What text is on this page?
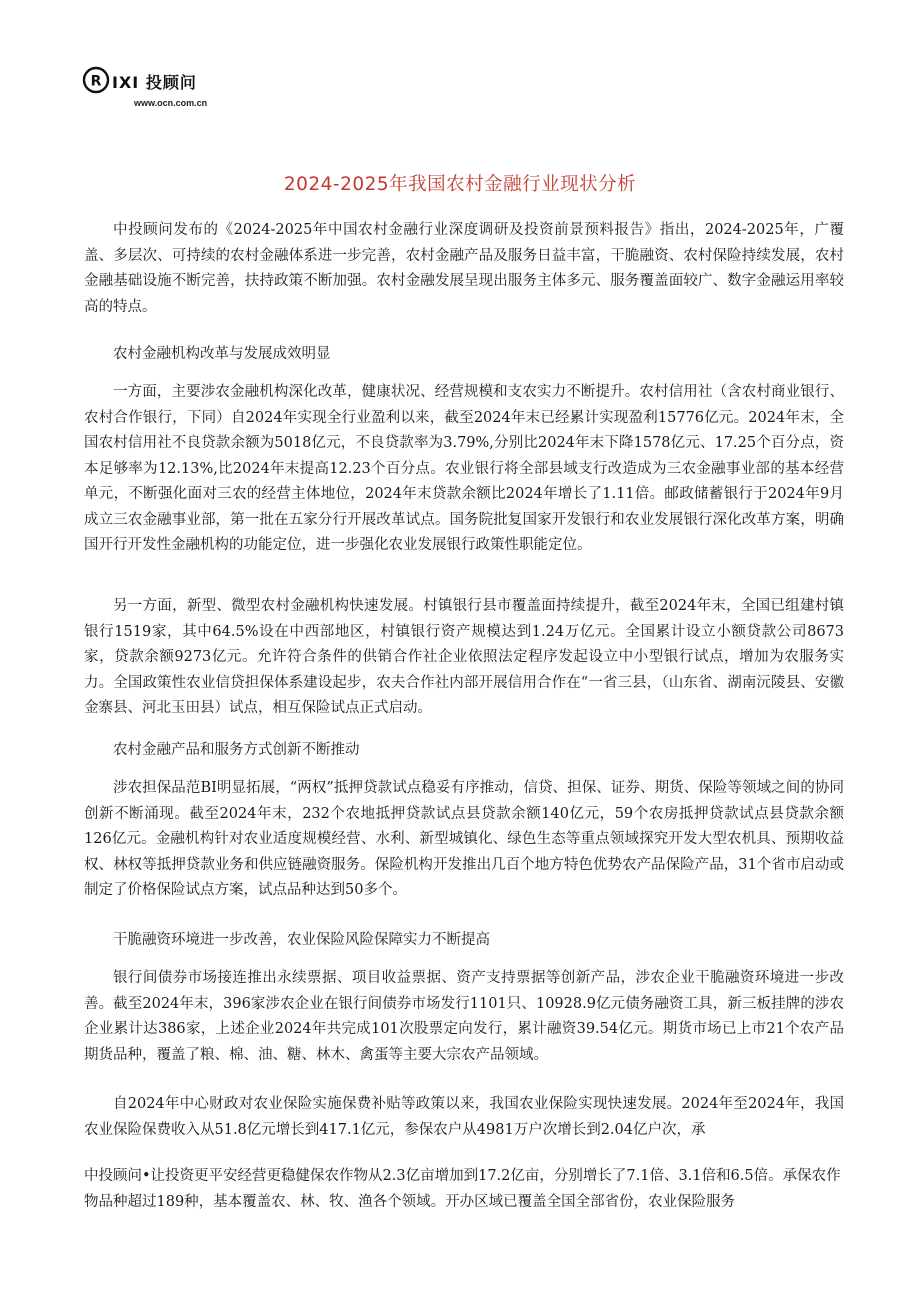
R IXI 投顾问
www.ocn.com.cn
2024-2025年我国农村金融行业现状分析

中投顾问发布的《2024-2025年中国农村金融行业深度调研及投资前景预料报告》指出，2024-2025年，广覆盖、多层次、可持续的农村金融体系进一步完善，农村金融产品及服务日益丰富，干脆融资、农村保险持续发展，农村金融基础设施不断完善，扶持政策不断加强。农村金融发展呈现出服务主体多元、服务覆盖面较广、数字金融运用率较高的特点。

农村金融机构改革与发展成效明显

一方面，主要涉农金融机构深化改革，健康状况、经营规模和支农实力不断提升。农村信用社（含农村商业银行、农村合作银行，下同）自2024年实现全行业盈利以来，截至2024年末已经累计实现盈利15776亿元。2024年末，全国农村信用社不良贷款余额为5018亿元，不良贷款率为3.79%,分别比2024年末下降1578亿元、17.25个百分点，资本足够率为12.13%,比2024年末提高12.23个百分点。农业银行将全部县域支行改造成为三农金融事业部的基本经营单元，不断强化面对三农的经营主体地位，2024年末贷款余额比2024年增长了1.11倍。邮政储蓄银行于2024年9月成立三农金融事业部，第一批在五家分行开展改革试点。国务院批复国家开发银行和农业发展银行深化改革方案，明确国开行开发性金融机构的功能定位，进一步强化农业发展银行政策性职能定位。

另一方面，新型、微型农村金融机构快速发展。村镇银行县市覆盖面持续提升，截至2024年末，全国已组建村镇银行1519家，其中64.5%设在中西部地区，村镇银行资产规模达到1.24万亿元。全国累计设立小额贷款公司8673家，贷款余额9273亿元。允许符合条件的供销合作社企业依照法定程序发起设立中小型银行试点，增加为农服务实力。全国政策性农业信贷担保体系建设起步，农夫合作社内部开展信用合作在“一省三县，（山东省、湖南沅陵县、安徽金寨县、河北玉田县）试点，相互保险试点正式启动。

农村金融产品和服务方式创新不断推动

涉农担保品范BI明显拓展，“两权”抵押贷款试点稳妥有序推动，信贷、担保、证券、期货、保险等领域之间的协同创新不断涌现。截至2024年末，232个农地抵押贷款试点县贷款余额140亿元，59个农房抵押贷款试点县贷款余额126亿元。金融机构针对农业适度规模经营、水利、新型城镇化、绿色生态等重点领域探究开发大型农机具、预期收益权、林权等抵押贷款业务和供应链融资服务。保险机构开发推出几百个地方特色优势农产品保险产品，31个省市启动或制定了价格保险试点方案，试点品种达到50多个。

干脆融资环境进一步改善，农业保险风险保障实力不断提高

银行间债券市场接连推出永续票据、项目收益票据、资产支持票据等创新产品，涉农企业干脆融资环境进一步改善。截至2024年末，396家涉农企业在银行间债券市场发行1101只、10928.9亿元债务融资工具，新三板挂牌的涉农企业累计达386家，上述企业2024年共完成101次股票定向发行，累计融资39.54亿元。期货市场已上市21个农产品期货品种，覆盖了粮、棉、油、糖、林木、禽蛋等主要大宗农产品领域。

自2024年中心财政对农业保险实施保费补贴等政策以来，我国农业保险实现快速发展。2024年至2024年，我国农业保险保费收入从51.8亿元增长到417.1亿元，参保农户从4981万户次增长到2.04亿户次，承

中投顾问•让投资更平安经营更稳健保农作物从2.3亿亩增加到17.2亿亩，分别增长了7.1倍、3.1倍和6.5倍。承保农作物品种超过189种，基本覆盖农、林、牧、渔各个领域。开办区域已覆盖全国全部省份，农业保险服务
